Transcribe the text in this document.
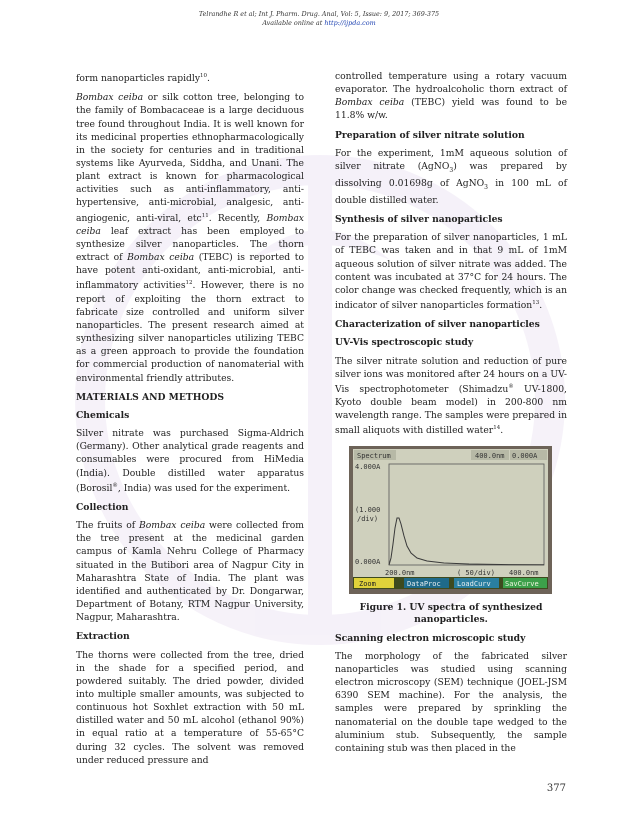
Telrandhe R et al; Int J. Pharm. Drug. Anal, Vol: 5, Issue: 9, 2017; 369-375
Available online at http://ijpda.com

form nanoparticles rapidly$^{10}$.

Bombax ceiba or silk cotton tree, belonging to the family of Bombacaceae is a large deciduous tree found throughout India. It is well known for its medicinal properties ethnopharmacologically in the society for centuries and in traditional systems like Ayurveda, Siddha, and Unani. The plant extract is known for pharmacological activities such as anti-inflammatory, anti-hypertensive, anti-microbial, analgesic, anti-angiogenic, anti-viral, etc$^{11}$. Recently, Bombax ceiba leaf extract has been employed to synthesize silver nanoparticles. The thorn extract of Bombax ceiba (TEBC) is reported to have potent anti-oxidant, anti-microbial, anti-inflammatory activities$^{12}$. However, there is no report of exploiting the thorn extract to fabricate size controlled and uniform silver nanoparticles. The present research aimed at synthesizing silver nanoparticles utilizing TEBC as a green approach to provide the foundation for commercial production of nanomaterial with environmental friendly attributes.

MATERIALS AND METHODS
Chemicals

Silver nitrate was purchased Sigma-Aldrich (Germany). Other analytical grade reagents and consumables were procured from HiMedia (India). Double distilled water apparatus (Borosil®, India) was used for the experiment.

Collection

The fruits of Bombax ceiba were collected from the tree present at the medicinal garden campus of Kamla Nehru College of Pharmacy situated in the Butibori area of Nagpur City in Maharashtra State of India. The plant was identified and authenticated by Dr. Dongarwar, Department of Botany, RTM Nagpur University, Nagpur, Maharashtra.

Extraction

The thorns were collected from the tree, dried in the shade for a specified period, and powdered suitably. The dried powder, divided into multiple smaller amounts, was subjected to continuous hot Soxhlet extraction with 50 mL distilled water and 50 mL alcohol (ethanol 90%) in equal ratio at a temperature of 55-65°C during 32 cycles. The solvent was removed under reduced pressure and

controlled temperature using a rotary vacuum evaporator. The hydroalcoholic thorn extract of Bombax ceiba (TEBC) yield was found to be 11.8% w/w.

Preparation of silver nitrate solution

For the experiment, 1mM aqueous solution of silver nitrate (AgNO$_3$) was prepared by dissolving 0.01698g of AgNO$_3$ in 100 mL of double distilled water.

Synthesis of silver nanoparticles

For the preparation of silver nanoparticles, 1 mL of TEBC was taken and in that 9 mL of 1mM aqueous solution of silver nitrate was added. The content was incubated at 37°C for 24 hours. The color change was checked frequently, which is an indicator of silver nanoparticles formation$^{13}$.

Characterization of silver nanoparticles
UV-Vis spectroscopic study

The silver nitrate solution and reduction of pure silver ions was monitored after 24 hours on a UV-Vis spectrophotometer (Shimadzu® UV-1800, Kyoto double beam model) in 200-800 nm wavelength range. The samples were prepared in small aliquots with distilled water$^{14}$.

Spectrum	400.0nm 0.000A
4.000A
(1.000
/div)
0.000A
200.0nm	( 50/div) 400.0nm
Zoom	DataProc LoadCurv SavCurve
Figure 1. UV spectra of synthesized nanoparticles.
Scanning electron microscopic study

The morphology of the fabricated silver nanoparticles was studied using scanning electron microscopy (SEM) technique (JOEL-JSM 6390 SEM machine). For the analysis, the samples were prepared by sprinkling the nanomaterial on the double tape wedged to the aluminium stub. Subsequently, the sample containing stub was then placed in the

377
